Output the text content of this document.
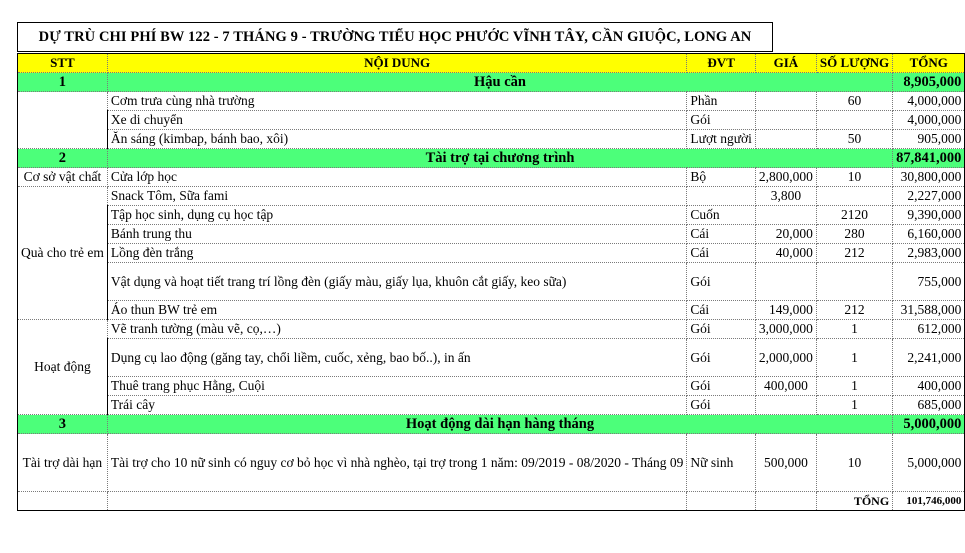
DỰ TRÙ CHI PHÍ BW 122 - 7 THÁNG 9 - TRƯỜNG TIỂU HỌC PHƯỚC VĨNH TÂY, CẦN GIUỘC, LONG AN
STT	NỘI DUNG	ĐVT	GIÁ	SỐ LƯỢNG	TỔNG
1	Hậu cần				8,905,000
	Cơm trưa cùng nhà trường	Phần		60	4,000,000
	Xe di chuyển	Gói			4,000,000
	Ăn sáng (kimbap, bánh bao, xôi)	Lượt người		50	905,000
2	Tài trợ tại chương trình				87,841,000
Cơ sở vật chất	Cửa lớp học	Bộ	2,800,000	10	30,800,000
Quà cho trẻ em	Snack Tôm, Sữa fami		3,800		2,227,000
	Tập học sinh, dụng cụ học tập	Cuốn		2120	9,390,000
	Bánh trung thu	Cái	20,000	280	6,160,000
	Lồng đèn trắng	Cái	40,000	212	2,983,000
	Vật dụng và hoạt tiết trang trí lồng đèn (giấy màu, giấy lụa, khuôn cắt giấy, keo sữa)	Gói			755,000
	Áo thun BW trẻ em	Cái	149,000	212	31,588,000
Hoạt động	Vẽ tranh tường (màu vẽ, cọ,…)	Gói	3,000,000	1	612,000
	Dụng cụ lao động (găng tay, chổi liềm, cuốc, xẻng, bao bố..), in ấn	Gói	2,000,000	1	2,241,000
	Thuê trang phục Hằng, Cuội	Gói	400,000	1	400,000
	Trái cây	Gói		1	685,000
3	Hoạt động dài hạn hàng tháng				5,000,000
Tài trợ dài hạn	Tài trợ cho 10 nữ sinh có nguy cơ bỏ học vì nhà nghèo, tại trợ trong 1 năm: 09/2019 - 08/2020 - Tháng 09	Nữ sinh	500,000	10	5,000,000
				TỔNG	101,746,000
